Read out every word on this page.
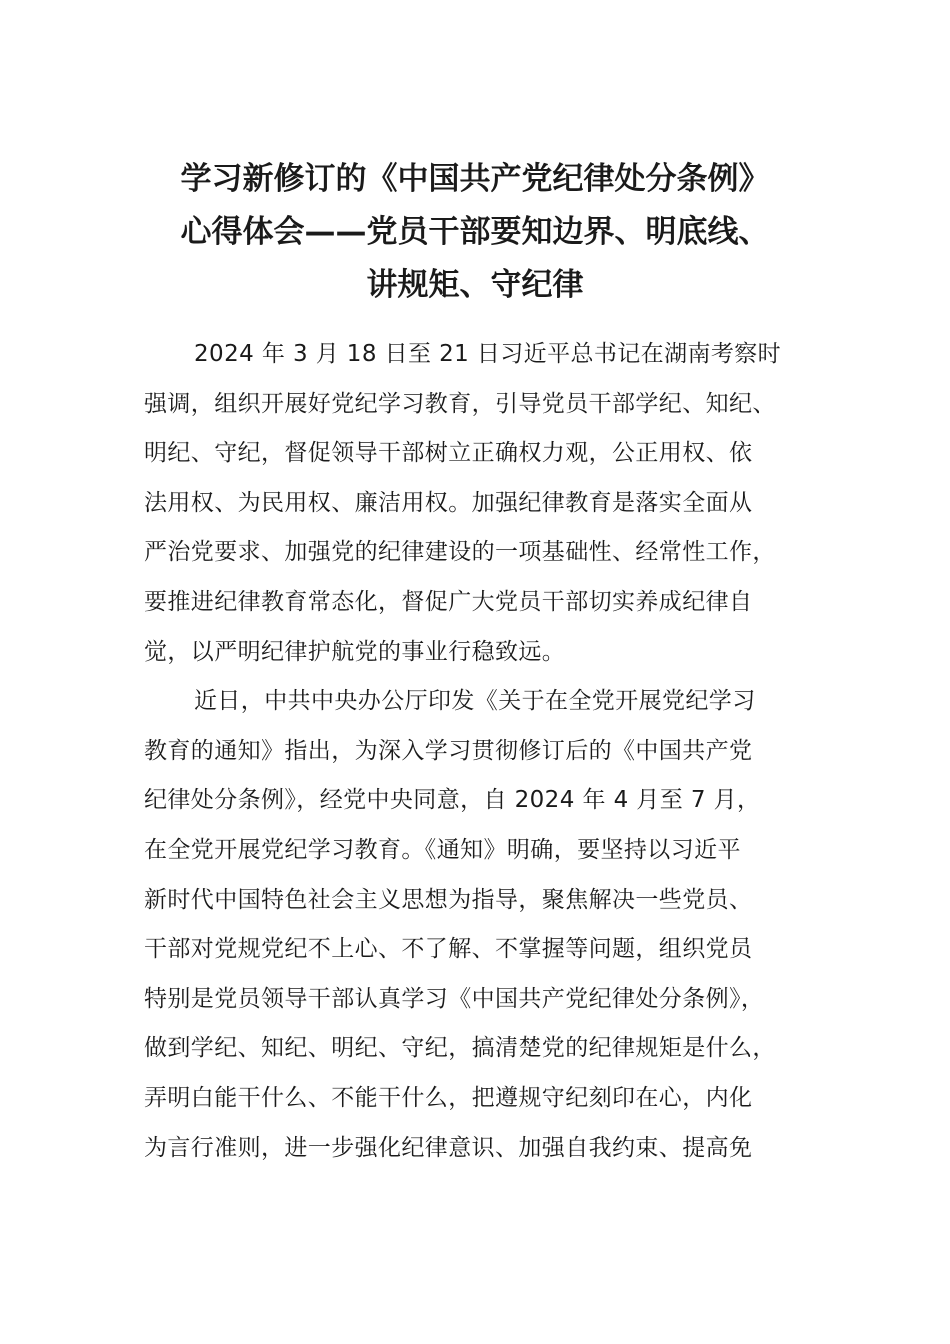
学习新修订的《中国共产党纪律处分条例》
心得体会——党员干部要知边界、明底线、
讲规矩、守纪律
2024 年 3 月 18 日至 21 日习近平总书记在湖南考察时
强调，组织开展好党纪学习教育，引导党员干部学纪、知纪、
明纪、守纪，督促领导干部树立正确权力观，公正用权、依
法用权、为民用权、廉洁用权。加强纪律教育是落实全面从
严治党要求、加强党的纪律建设的一项基础性、经常性工作，
要推进纪律教育常态化，督促广大党员干部切实养成纪律自
觉，以严明纪律护航党的事业行稳致远。
近日，中共中央办公厅印发《关于在全党开展党纪学习
教育的通知》指出，为深入学习贯彻修订后的《中国共产党
纪律处分条例》，经党中央同意，自 2024 年 4 月至 7 月，
在全党开展党纪学习教育。《通知》明确，要坚持以习近平
新时代中国特色社会主义思想为指导，聚焦解决一些党员、
干部对党规党纪不上心、不了解、不掌握等问题，组织党员
特别是党员领导干部认真学习《中国共产党纪律处分条例》，
做到学纪、知纪、明纪、守纪，搞清楚党的纪律规矩是什么，
弄明白能干什么、不能干什么，把遵规守纪刻印在心，内化
为言行准则，进一步强化纪律意识、加强自我约束、提高免
